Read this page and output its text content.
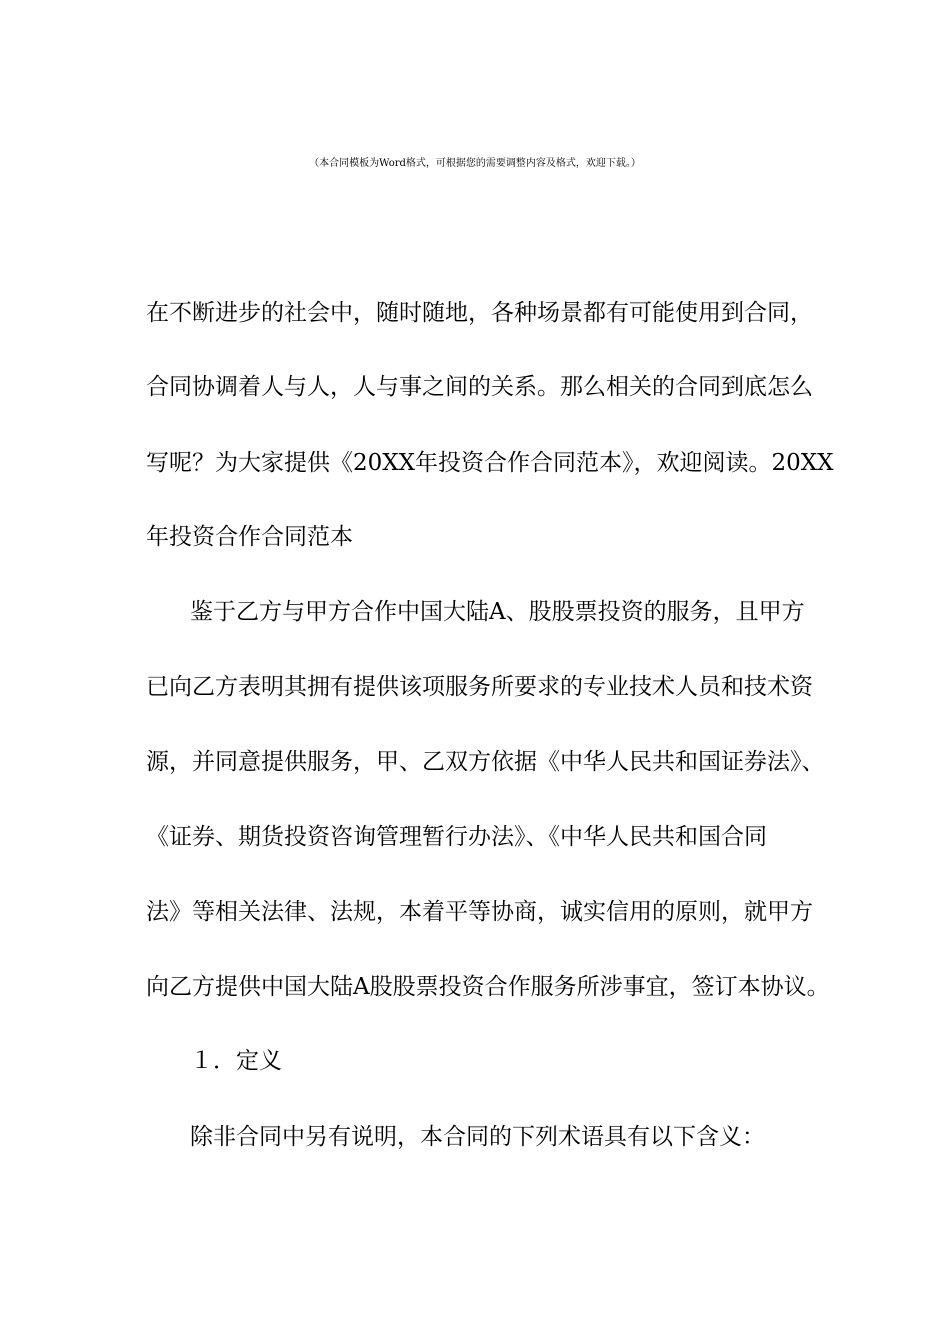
（本合同模板为Word格式，可根据您的需要调整内容及格式，欢迎下载。）
在不断进步的社会中，随时随地，各种场景都有可能使用到合同，
合同协调着人与人，人与事之间的关系。那么相关的合同到底怎么
写呢？为大家提供《20XX年投资合作合同范本》，欢迎阅读。20XX
年投资合作合同范本
鉴于乙方与甲方合作中国大陆A、股股票投资的服务，且甲方
已向乙方表明其拥有提供该项服务所要求的专业技术人员和技术资
源，并同意提供服务，甲、乙双方依据《中华人民共和国证券法》、
《证券、期货投资咨询管理暂行办法》、《中华人民共和国合同
法》等相关法律、法规，本着平等协商，诚实信用的原则，就甲方
向乙方提供中国大陆A股股票投资合作服务所涉事宜，签订本协议。
１．定义
除非合同中另有说明，本合同的下列术语具有以下含义：
